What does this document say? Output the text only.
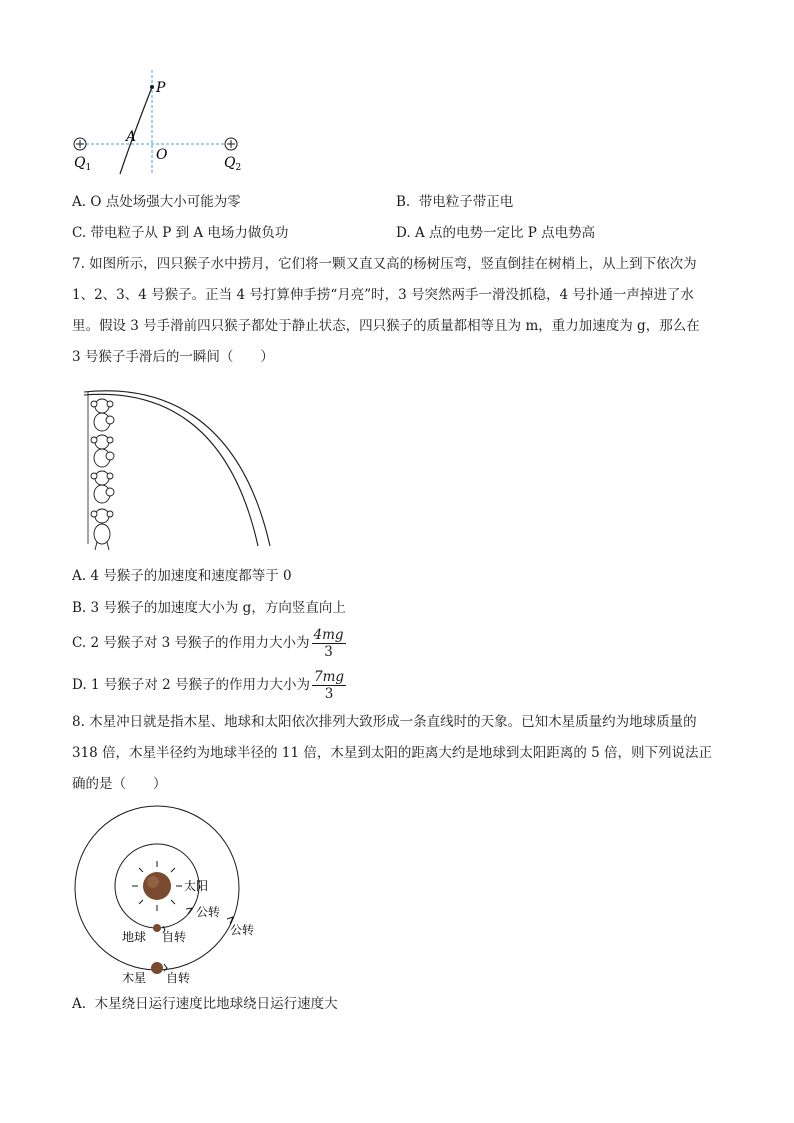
P
A
O
$Q_1$	$Q_2$
A. O 点处场强大小可能为零	B. 带电粒子带正电
C. 带电粒子从 P 到 A 电场力做负功	D. A 点的电势一定比 P 点电势高
7. 如图所示，四只猴子水中捞月，它们将一颗又直又高的杨树压弯，竖直倒挂在树梢上，从上到下依次为
1、2、3、4 号猴子。正当 4 号打算伸手捞“月亮”时，3 号突然两手一滑没抓稳，4 号扑通一声掉进了水
里。假设 3 号手滑前四只猴子都处于静止状态，四只猴子的质量都相等且为 m，重力加速度为 g，那么在
3 号猴子手滑后的一瞬间（　　）
A. 4 号猴子的加速度和速度都等于 0
B. 3 号猴子的加速度大小为 g，方向竖直向上
C. 2 号猴子对 3 号猴子的作用力大小为 $\frac{4mg}{3}$
D. 1 号猴子对 2 号猴子的作用力大小为 $\frac{7mg}{3}$
8. 木星冲日就是指木星、地球和太阳依次排列大致形成一条直线时的天象。已知木星质量约为地球质量的
318 倍，木星半径约为地球半径的 11 倍，木星到太阳的距离大约是地球到太阳距离的 5 倍，则下列说法正
确的是（　　）
太阳
公转
公转
地球 自转
木星 自转
A. 木星绕日运行速度比地球绕日运行速度大
